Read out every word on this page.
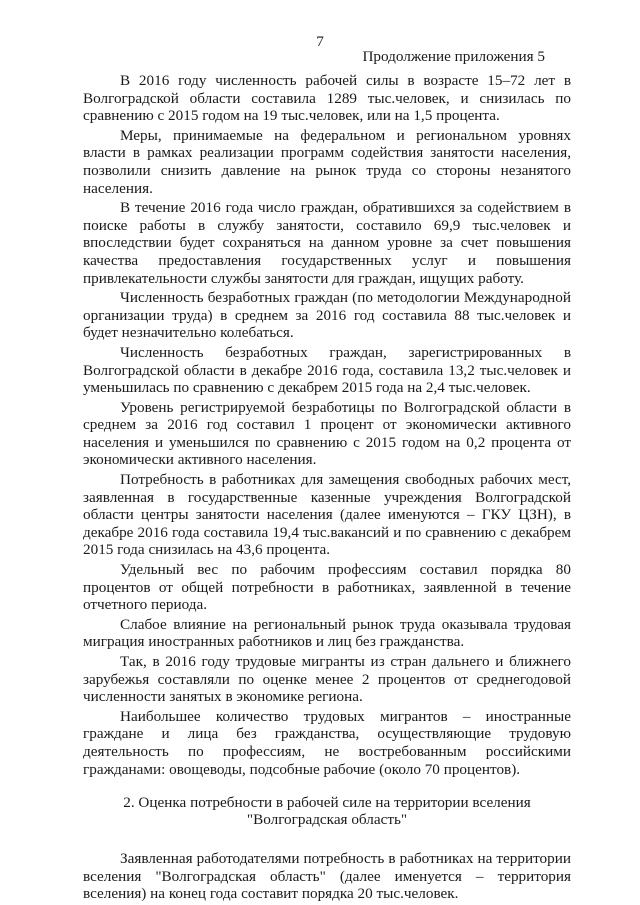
7
Продолжение приложения 5

В 2016 году численность рабочей силы в возрасте 15–72 лет в Волгоградской области составила 1289 тыс.человек, и снизилась по сравнению с 2015 годом на 19 тыс.человек, или на 1,5 процента.

Меры, принимаемые на федеральном и региональном уровнях власти в рамках реализации программ содействия занятости населения, позволили снизить давление на рынок труда со стороны незанятого населения.

В течение 2016 года число граждан, обратившихся за содействием в поиске работы в службу занятости, составило 69,9 тыс.человек и впоследствии будет сохраняться на данном уровне за счет повышения качества предоставления государственных услуг и повышения привлекательности службы занятости для граждан, ищущих работу.

Численность безработных граждан (по методологии Международной организации труда) в среднем за 2016 год составила 88 тыс.человек и будет незначительно колебаться.

Численность безработных граждан, зарегистрированных в Волгоградской области в декабре 2016 года, составила 13,2 тыс.человек и уменьшилась по сравнению с декабрем 2015 года на 2,4 тыс.человек.

Уровень регистрируемой безработицы по Волгоградской области в среднем за 2016 год составил 1 процент от экономически активного населения и уменьшился по сравнению с 2015 годом на 0,2 процента от экономически активного населения.

Потребность в работниках для замещения свободных рабочих мест, заявленная в государственные казенные учреждения Волгоградской области центры занятости населения (далее именуются – ГКУ ЦЗН), в декабре 2016 года составила 19,4 тыс.вакансий и по сравнению с декабрем 2015 года снизилась на 43,6 процента.

Удельный вес по рабочим профессиям составил порядка 80 процентов от общей потребности в работниках, заявленной в течение отчетного периода.

Слабое влияние на региональный рынок труда оказывала трудовая миграция иностранных работников и лиц без гражданства.

Так, в 2016 году трудовые мигранты из стран дальнего и ближнего зарубежья составляли по оценке менее 2 процентов от среднегодовой численности занятых в экономике региона.

Наибольшее количество трудовых мигрантов – иностранные граждане и лица без гражданства, осуществляющие трудовую деятельность по профессиям, не востребованным российскими гражданами: овощеводы, подсобные рабочие (около 70 процентов).

2. Оценка потребности в рабочей силе на территории вселения
"Волгоградская область"

Заявленная работодателями потребность в работниках на территории вселения "Волгоградская область" (далее именуется – территория вселения) на конец года составит порядка 20 тыс.человек.
